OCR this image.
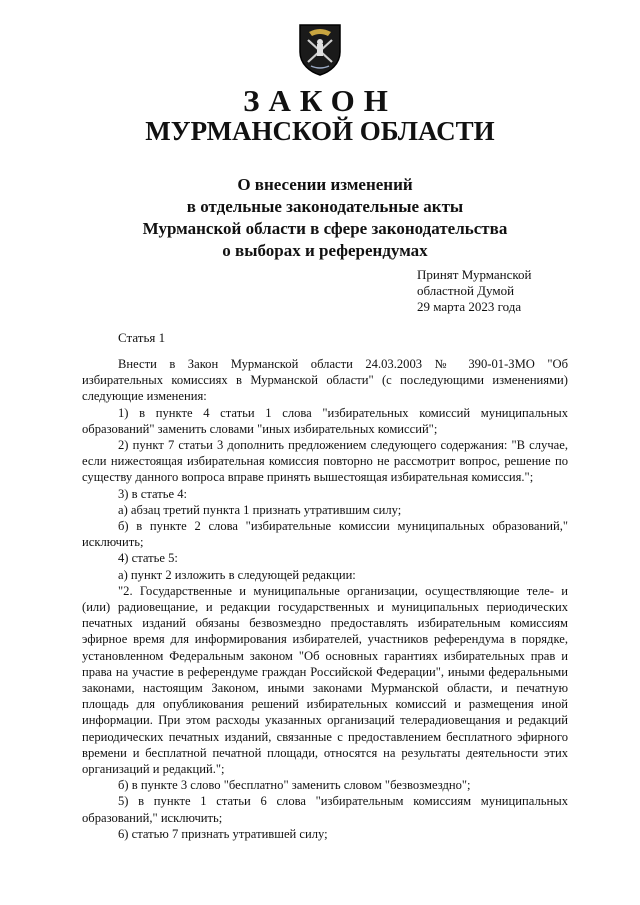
ЗАКОН
МУРМАНСКОЙ ОБЛАСТИ
О внесении изменений
в отдельные законодательные акты
Мурманской области в сфере законодательства
о выборах и референдумах
Принят Мурманской
областной Думой
29 марта 2023 года
Статья 1

Внести в Закон Мурманской области 24.03.2003 № 390-01-ЗМО "Об избирательных комиссиях в Мурманской области" (с последующими изменениями) следующие изменения:

1) в пункте 4 статьи 1 слова "избирательных комиссий муниципальных образований" заменить словами "иных избирательных комиссий";

2) пункт 7 статьи 3 дополнить предложением следующего содержания: "В случае, если нижестоящая избирательная комиссия повторно не рассмотрит вопрос, решение по существу данного вопроса вправе принять вышестоящая избирательная комиссия.";

3) в статье 4:

а) абзац третий пункта 1 признать утратившим силу;

б) в пункте 2 слова "избирательные комиссии муниципальных образований," исключить;

4) статье 5:

а) пункт 2 изложить в следующей редакции:

"2. Государственные и муниципальные организации, осуществляющие теле- и (или) радиовещание, и редакции государственных и муниципальных периодических печатных изданий обязаны безвозмездно предоставлять избирательным комиссиям эфирное время для информирования избирателей, участников референдума в порядке, установленном Федеральным законом "Об основных гарантиях избирательных прав и права на участие в референдуме граждан Российской Федерации", иными федеральными законами, настоящим Законом, иными законами Мурманской области, и печатную площадь для опубликования решений избирательных комиссий и размещения иной информации. При этом расходы указанных организаций телерадиовещания и редакций периодических печатных изданий, связанные с предоставлением бесплатного эфирного времени и бесплатной печатной площади, относятся на результаты деятельности этих организаций и редакций.";

б) в пункте 3 слово "бесплатно" заменить словом "безвозмездно";

5) в пункте 1 статьи 6 слова "избирательным комиссиям муниципальных образований," исключить;

6) статью 7 признать утратившей силу;
